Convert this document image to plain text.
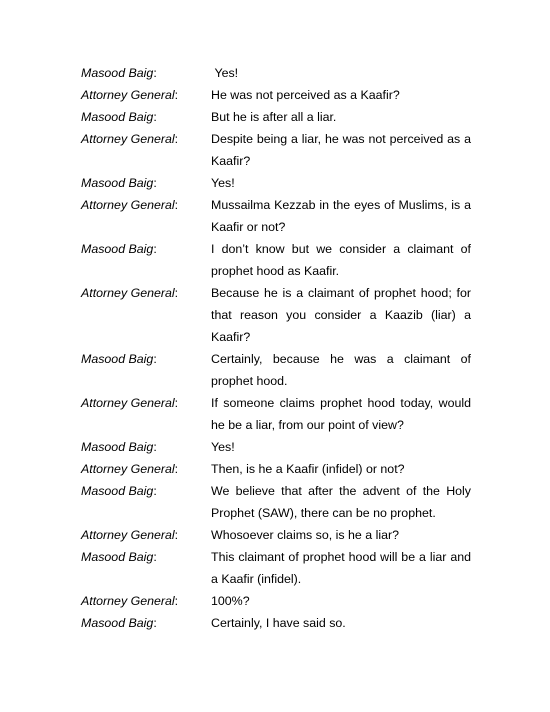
Masood Baig:	Yes!
Attorney General:	He was not perceived as a Kaafir?
Masood Baig:	But he is after all a liar.
Attorney General:	Despite being a liar, he was not perceived as a Kaafir?
Masood Baig:	Yes!
Attorney General:	Mussailma Kezzab in the eyes of Muslims, is a Kaafir or not?
Masood Baig:	I don’t know but we consider a claimant of prophet hood as Kaafir.
Attorney General:	Because he is a claimant of prophet hood; for that reason you consider a Kaazib (liar) a Kaafir?
Masood Baig:	Certainly, because he was a claimant of prophet hood.
Attorney General:	If someone claims prophet hood today, would he be a liar, from our point of view?
Masood Baig:	Yes!
Attorney General:	Then, is he a Kaafir (infidel) or not?
Masood Baig:	We believe that after the advent of the Holy Prophet (SAW), there can be no prophet.
Attorney General:	Whosoever claims so, is he a liar?
Masood Baig:	This claimant of prophet hood will be a liar and a Kaafir (infidel).
Attorney General:	100%?
Masood Baig:	Certainly, I have said so.
